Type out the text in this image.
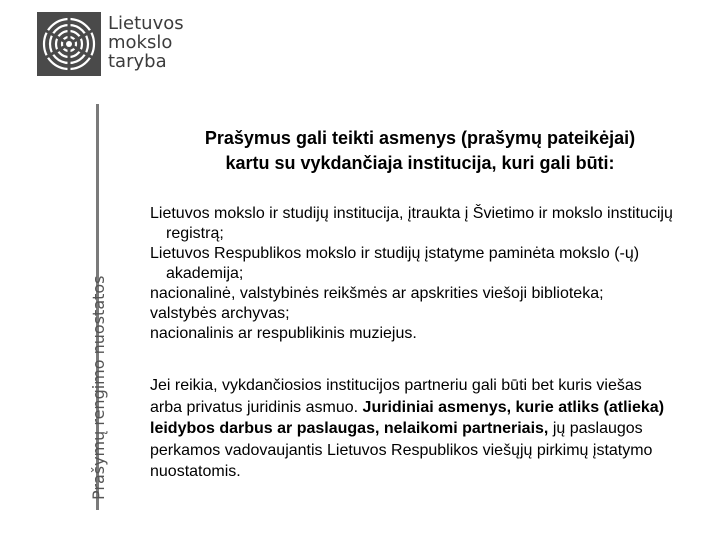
Lietuvos
mokslo
taryba
Prašymų rengimo nuostatos
Prašymus gali teikti asmenys (prašymų pateikėjai)
kartu su vykdančiaja institucija, kuri gali būti:

Lietuvos mokslo ir studijų institucija, įtraukta į Švietimo ir mokslo institucijų registrą;

Lietuvos Respublikos mokslo ir studijų įstatyme paminėta mokslo (-ų) akademija;

nacionalinė, valstybinės reikšmės ar apskrities viešoji biblioteka;

valstybės archyvas;

nacionalinis ar respublikinis muziejus.

Jei reikia, vykdančiosios institucijos partneriu gali būti bet kuris viešas arba privatus juridinis asmuo. Juridiniai asmenys, kurie atliks (atlieka) leidybos darbus ar paslaugas, nelaikomi partneriais, jų paslaugos perkamos vadovaujantis Lietuvos Respublikos viešųjų pirkimų įstatymo nuostatomis.
